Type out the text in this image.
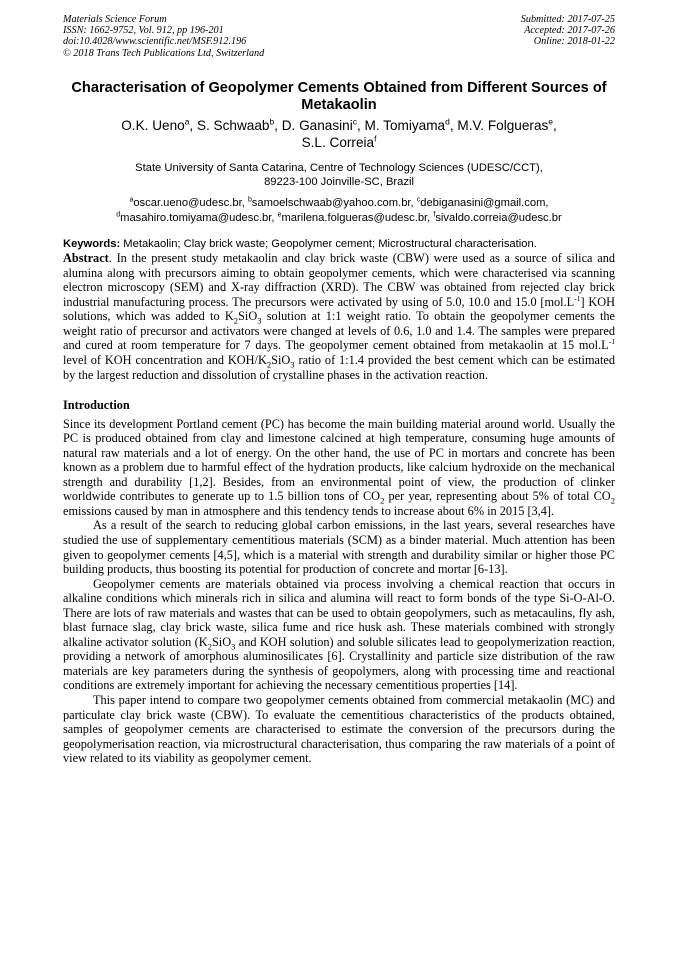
Materials Science Forum
ISSN: 1662-9752, Vol. 912, pp 196-201
doi:10.4028/www.scientific.net/MSF.912.196
© 2018 Trans Tech Publications Ltd, Switzerland
Submitted: 2017-07-25
Accepted: 2017-07-26
Online: 2018-01-22
Characterisation of Geopolymer Cements Obtained from Different Sources of Metakaolin
O.K. Ueno$^a$, S. Schwaab$^b$, D. Ganasini$^c$, M. Tomiyama$^d$, M.V. Folgueras$^e$,
S.L. Correia$^f$
State University of Santa Catarina, Centre of Technology Sciences (UDESC/CCT),
89223-100 Joinville-SC, Brazil
$^a$oscar.ueno@udesc.br, $^b$samoelschwaab@yahoo.com.br, $^c$debiganasini@gmail.com,
$^d$masahiro.tomiyama@udesc.br, $^e$marilena.folgueras@udesc.br, $^f$sivaldo.correia@udesc.br
Keywords: Metakaolin; Clay brick waste; Geopolymer cement; Microstructural characterisation.

Abstract. In the present study metakaolin and clay brick waste (CBW) were used as a source of silica and alumina along with precursors aiming to obtain geopolymer cements, which were characterised via scanning electron microscopy (SEM) and X-ray diffraction (XRD). The CBW was obtained from rejected clay brick industrial manufacturing process. The precursors were activated by using of 5.0, 10.0 and 15.0 $[mol.L^{-1}]$ KOH solutions, which was added to $K_2SiO_3$ solution at 1:1 weight ratio. To obtain the geopolymer cements the weight ratio of precursor and activators were changed at levels of 0.6, 1.0 and 1.4. The samples were prepared and cured at room temperature for 7 days. The geopolymer cement obtained from metakaolin at 15 $mol.L^{-1}$ level of KOH concentration and KOH/$K_2SiO_3$ ratio of 1:1.4 provided the best cement which can be estimated by the largest reduction and dissolution of crystalline phases in the activation reaction.

Introduction

Since its development Portland cement (PC) has become the main building material around world. Usually the PC is produced obtained from clay and limestone calcined at high temperature, consuming huge amounts of natural raw materials and a lot of energy. On the other hand, the use of PC in mortars and concrete has been known as a problem due to harmful effect of the hydration products, like calcium hydroxide on the mechanical strength and durability [1,2]. Besides, from an environmental point of view, the production of clinker worldwide contributes to generate up to 1.5 billion tons of $CO_2$ per year, representing about 5% of total $CO_2$ emissions caused by man in atmosphere and this tendency tends to increase about 6% in 2015 [3,4].

As a result of the search to reducing global carbon emissions, in the last years, several researches have studied the use of supplementary cementitious materials (SCM) as a binder material. Much attention has been given to geopolymer cements [4,5], which is a material with strength and durability similar or higher those PC building products, thus boosting its potential for production of concrete and mortar [6-13].

Geopolymer cements are materials obtained via process involving a chemical reaction that occurs in alkaline conditions which minerals rich in silica and alumina will react to form bonds of the type Si-O-Al-O. There are lots of raw materials and wastes that can be used to obtain geopolymers, such as metacaulins, fly ash, blast furnace slag, clay brick waste, silica fume and rice husk ash. These materials combined with strongly alkaline activator solution ($K_2SiO_3$ and KOH solution) and soluble silicates lead to geopolymerization reaction, providing a network of amorphous aluminosilicates [6]. Crystallinity and particle size distribution of the raw materials are key parameters during the synthesis of geopolymers, along with processing time and reactional conditions are extremely important for achieving the necessary cementitious properties [14].

This paper intend to compare two geopolymer cements obtained from commercial metakaolin (MC) and particulate clay brick waste (CBW). To evaluate the cementitious characteristics of the products obtained, samples of geopolymer cements are characterised to estimate the conversion of the precursors during the geopolymerisation reaction, via microstructural characterisation, thus comparing the raw materials of a point of view related to its viability as geopolymer cement.
